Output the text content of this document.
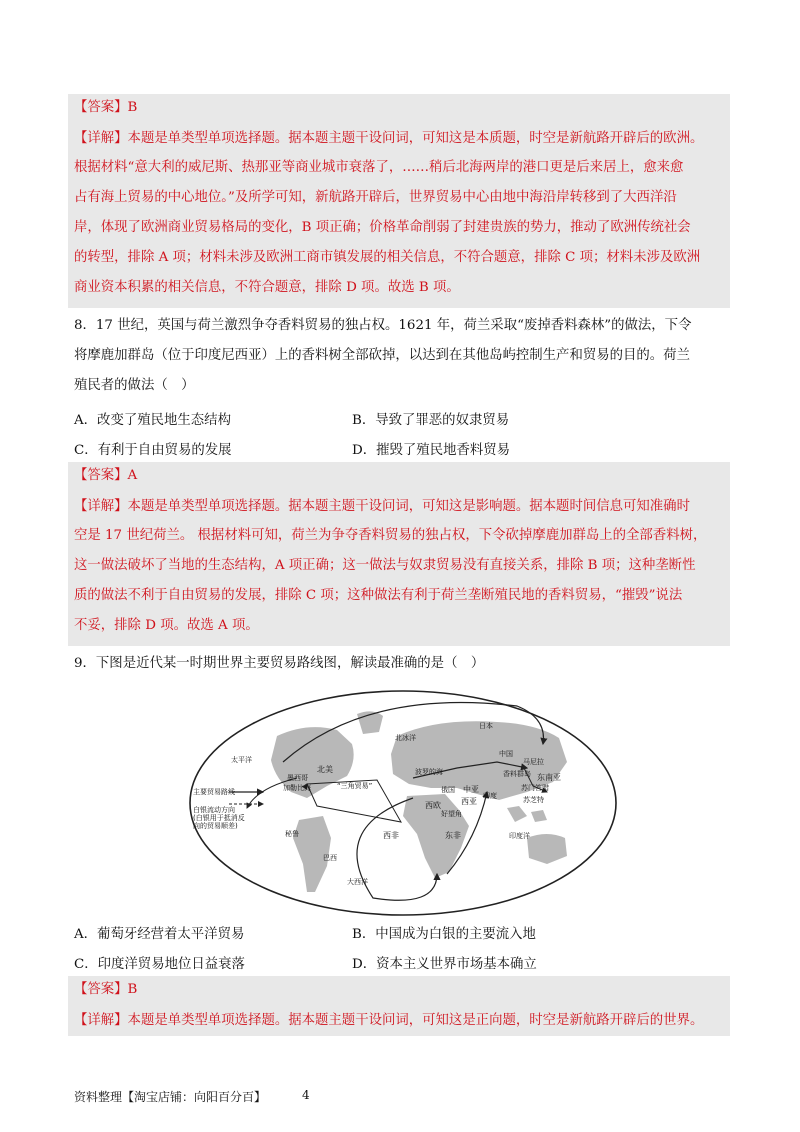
【答案】B
【详解】本题是单类型单项选择题。据本题主题干设问词，可知这是本质题，时空是新航路开辟后的欧洲。
根据材料“意大利的威尼斯、热那亚等商业城市衰落了，……稍后北海两岸的港口更是后来居上，愈来愈
占有海上贸易的中心地位。”及所学可知，新航路开辟后，世界贸易中心由地中海沿岸转移到了大西洋沿
岸，体现了欧洲商业贸易格局的变化，B 项正确；价格革命削弱了封建贵族的势力，推动了欧洲传统社会
的转型，排除 A 项；材料未涉及欧洲工商市镇发展的相关信息，不符合题意，排除 C 项；材料未涉及欧洲
商业资本积累的相关信息，不符合题意，排除 D 项。故选 B 项。
8．17 世纪，英国与荷兰激烈争夺香料贸易的独占权。1621 年，荷兰采取“废掉香料森林”的做法，下令
将摩鹿加群岛（位于印度尼西亚）上的香料树全部砍掉，以达到在其他岛屿控制生产和贸易的目的。荷兰
殖民者的做法（　）
A．改变了殖民地生态结构	B．导致了罪恶的奴隶贸易
C．有利于自由贸易的发展	D．摧毁了殖民地香料贸易
【答案】A
【详解】本题是单类型单项选择题。据本题主题干设问词，可知这是影响题。据本题时间信息可知准确时
空是 17 世纪荷兰。 根据材料可知，荷兰为争夺香料贸易的独占权，下令砍掉摩鹿加群岛上的全部香料树，
这一做法破坏了当地的生态结构，A 项正确；这一做法与奴隶贸易没有直接关系，排除 B 项；这种垄断性
质的做法不利于自由贸易的发展，排除 C 项；这种做法有利于荷兰垄断殖民地的香料贸易，“摧毁”说法
不妥，排除 D 项。故选 A 项。
9．下图是近代某一时期世界主要贸易路线图，解读最准确的是（　）
太平洋
北冰洋
大西洋
印度洋
日本
中国
马尼拉
东南亚
苏门答腊
北美
墨西哥
加勒比海	“三角贸易”
西欧
俄国
波罗的海
中亚
西亚
印度
西非	东非
好望角
巴西
秘鲁
苏芝特
香料群岛
主要贸易路线
白银流动方向
(白银用于抵消反
向的贸易顺差)
A．葡萄牙经营着太平洋贸易	B．中国成为白银的主要流入地
C．印度洋贸易地位日益衰落	D．资本主义世界市场基本确立
【答案】B
【详解】本题是单类型单项选择题。据本题主题干设问词，可知这是正向题，时空是新航路开辟后的世界。
资料整理【淘宝店铺：向阳百分百】	4
